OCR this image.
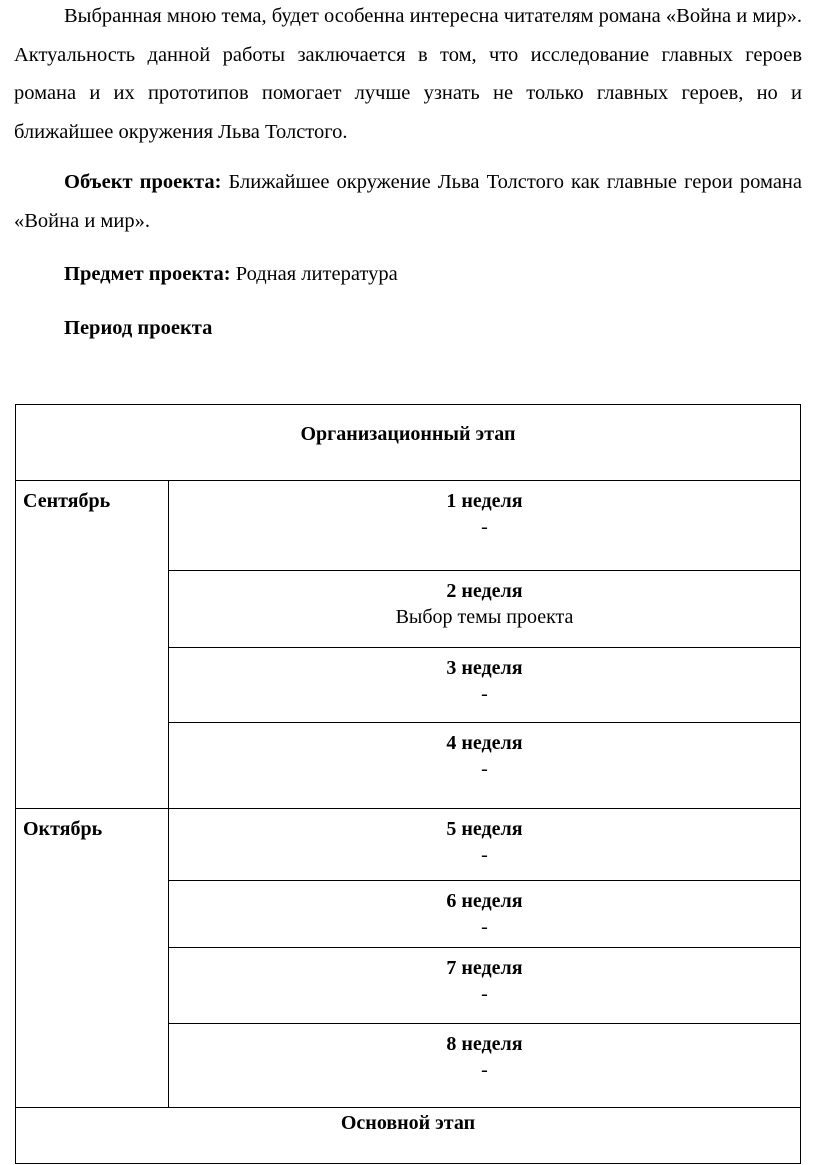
Выбранная мною тема, будет особенна интересна читателям романа «Война и мир». Актуальность данной работы заключается в том, что исследование главных героев романа и их прототипов помогает лучше узнать не только главных героев, но и ближайшее окружения Льва Толстого.

Объект проекта: Ближайшее окружение Льва Толстого как главные герои романа «Война и мир».

Предмет проекта: Родная литература

Период проекта

Организационный этап	

Сентябрь	1 неделя
-

	2 неделя
Выбор темы проекта

	3 неделя
-

	4 неделя
-

Октябрь	5 неделя
-

	6 неделя
-

	7 неделя
-

	8 неделя
-

Основной этап	
